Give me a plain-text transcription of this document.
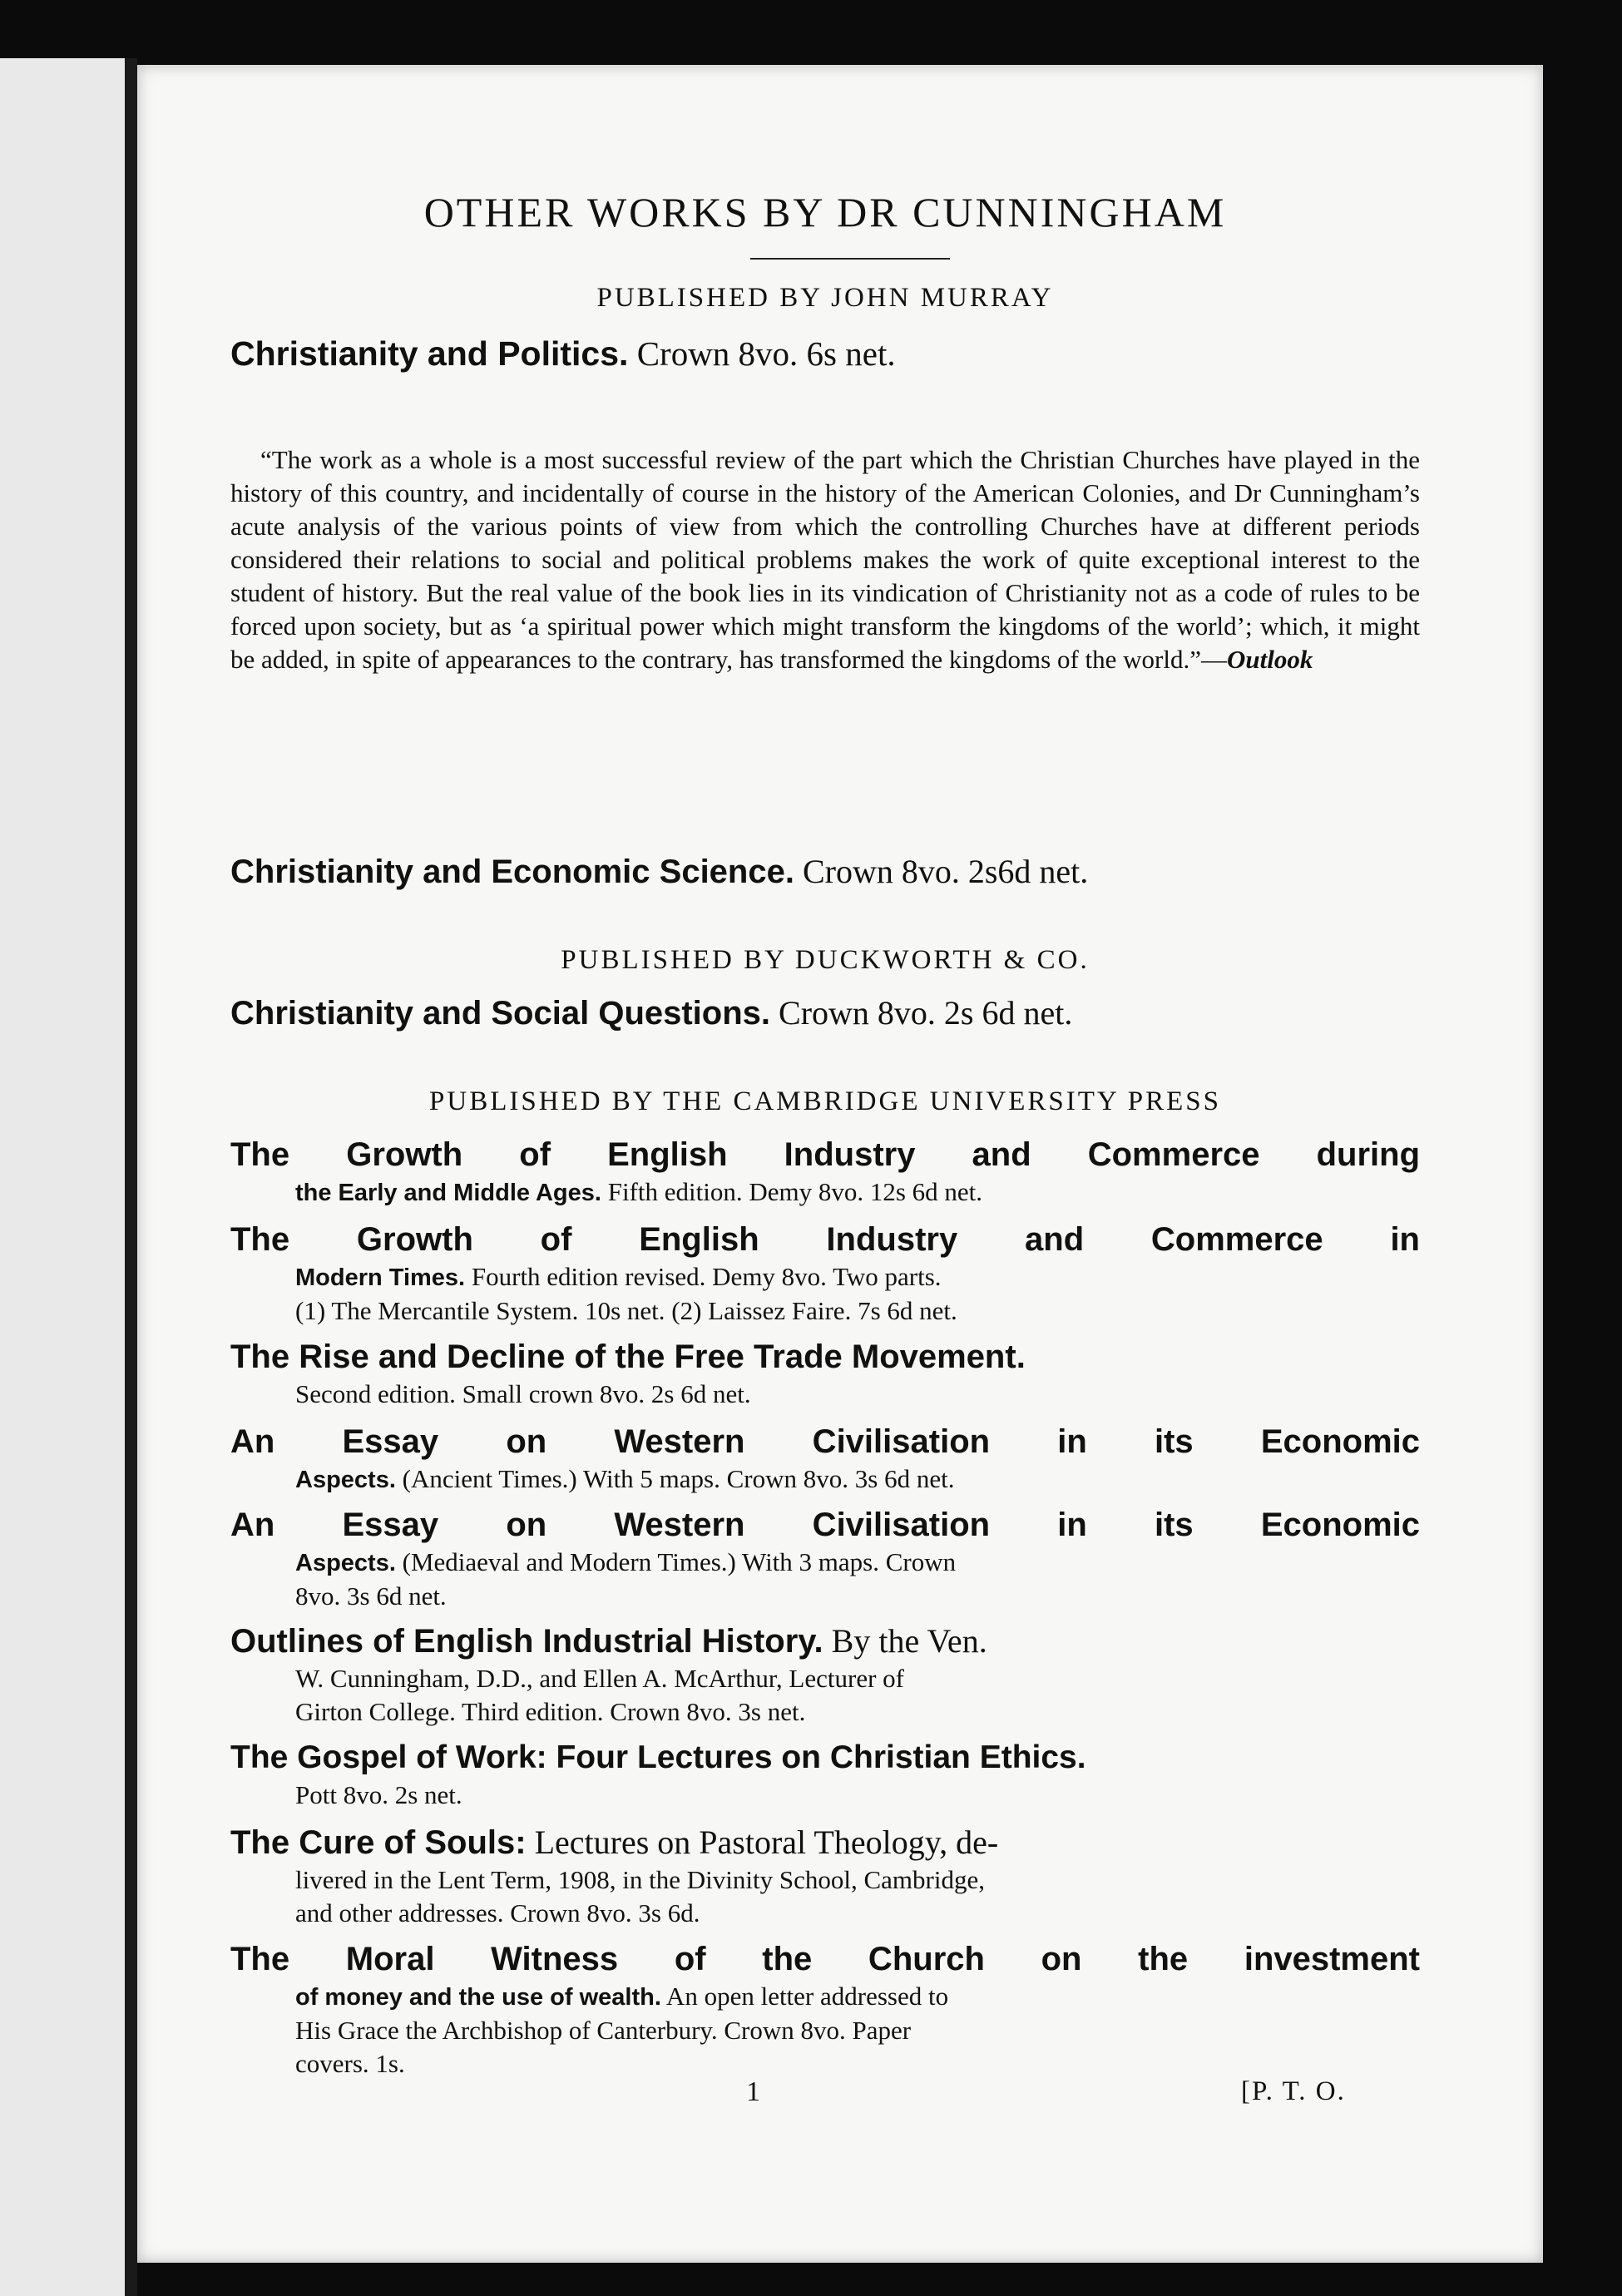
OTHER WORKS BY DR CUNNINGHAM
PUBLISHED BY JOHN MURRAY
Christianity and Politics. Crown 8vo. 6s net.

“The work as a whole is a most successful review of the part which the Christian Churches have played in the history of this country, and incidentally of course in the history of the American Colonies, and Dr Cunningham’s acute analysis of the various points of view from which the controlling Churches have at different periods considered their relations to social and political problems makes the work of quite exceptional interest to the student of history. But the real value of the book lies in its vindication of Christianity not as a code of rules to be forced upon society, but as ‘a spiritual power which might transform the kingdoms of the world’; which, it might be added, in spite of appearances to the contrary, has transformed the kingdoms of the world.”—Outlook

Christianity and Economic Science. Crown 8vo. 2s6d net.
PUBLISHED BY DUCKWORTH & CO.
Christianity and Social Questions. Crown 8vo. 2s 6d net.
PUBLISHED BY THE CAMBRIDGE UNIVERSITY PRESS
The Growth of English Industry and Commerce during
the Early and Middle Ages. Fifth edition. Demy 8vo. 12s 6d net.
The Growth of English Industry and Commerce in
Modern Times. Fourth edition revised. Demy 8vo. Two parts.
(1) The Mercantile System. 10s net. (2) Laissez Faire. 7s 6d net.
The Rise and Decline of the Free Trade Movement.
Second edition. Small crown 8vo. 2s 6d net.
An Essay on Western Civilisation in its Economic
Aspects. (Ancient Times.) With 5 maps. Crown 8vo. 3s 6d net.
An Essay on Western Civilisation in its Economic
Aspects. (Mediaeval and Modern Times.) With 3 maps. Crown
8vo. 3s 6d net.
Outlines of English Industrial History. By the Ven.
W. Cunningham, D.D., and Ellen A. McArthur, Lecturer of
Girton College. Third edition. Crown 8vo. 3s net.
The Gospel of Work: Four Lectures on Christian Ethics.
Pott 8vo. 2s net.
The Cure of Souls: Lectures on Pastoral Theology, de-
livered in the Lent Term, 1908, in the Divinity School, Cambridge,
and other addresses. Crown 8vo. 3s 6d.
The Moral Witness of the Church on the investment
of money and the use of wealth. An open letter addressed to
His Grace the Archbishop of Canterbury. Crown 8vo. Paper
covers. 1s.
1	[P. T. O.
